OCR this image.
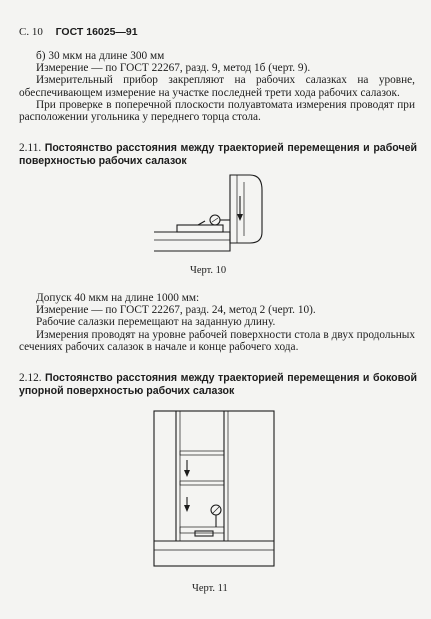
С. 10 ГОСТ 16025—91

б) 30 мкм на длине 300 мм

Измерение — по ГОСТ 22267, разд. 9, метод 1б (черт. 9).

Измерительный прибор закрепляют на рабочих салазках на уровне, обеспечивающем измерение на участке последней трети хода рабочих салазок.

При проверке в поперечной плоскости полуавтомата измерения проводят при расположении угольника у переднего торца стола.

2.11. Постоянство расстояния между траекторией перемещения и рабочей поверхностью рабочих салазок
Черт. 10

Допуск 40 мкм на длине 1000 мм:

Измерение — по ГОСТ 22267, разд. 24, метод 2 (черт. 10).

Рабочие салазки перемещают на заданную длину.

Измерения проводят на уровне рабочей поверхности стола в двух продольных сечениях рабочих салазок в начале и конце рабочего хода.

2.12. Постоянство расстояния между траекторией перемещения и боковой упорной поверхностью рабочих салазок
Черт. 11
